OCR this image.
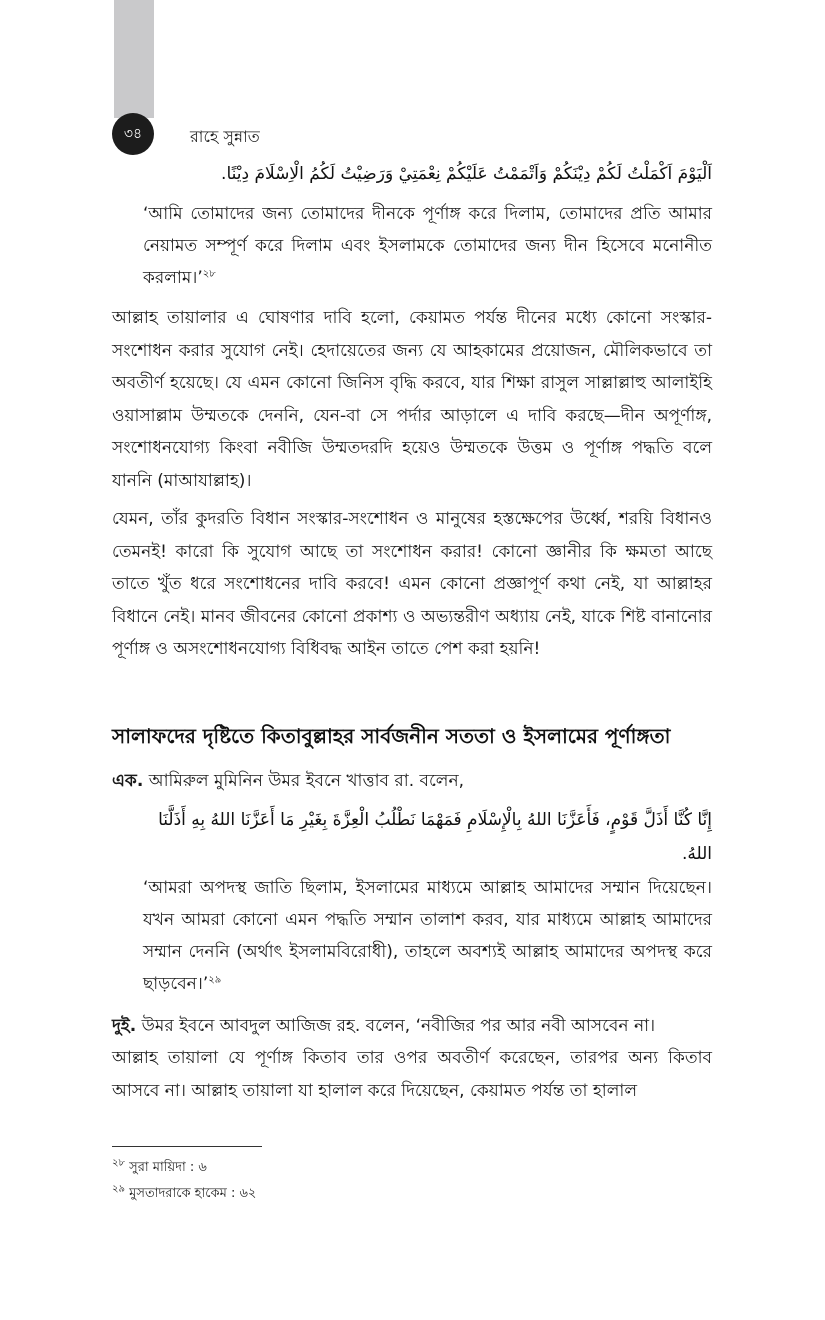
৩৪	রাহে সুন্নাত
اَلْيَوْمَ اَكْمَلْتُ لَكُمْ دِيْنَكُمْ وَاَتْمَمْتُ عَلَيْكُمْ نِعْمَتِيْ وَرَضِيْتُ لَكُمُ الْاِسْلَامَ دِيْنًا.
‘আমি তোমাদের জন্য তোমাদের দীনকে পূর্ণাঙ্গ করে দিলাম, তোমাদের প্রতি আমার নেয়ামত সম্পূর্ণ করে দিলাম এবং ইসলামকে তোমাদের জন্য দীন হিসেবে মনোনীত করলাম।’$^{২৮}$
আল্লাহ তায়ালার এ ঘোষণার দাবি হলো, কেয়ামত পর্যন্ত দীনের মধ্যে কোনো সংস্কার-সংশোধন করার সুযোগ নেই। হেদায়েতের জন্য যে আহকামের প্রয়োজন, মৌলিকভাবে তা অবতীর্ণ হয়েছে। যে এমন কোনো জিনিস বৃদ্ধি করবে, যার শিক্ষা রাসুল সাল্লাল্লাহু আলাইহি ওয়াসাল্লাম উম্মতকে দেননি, যেন-বা সে পর্দার আড়ালে এ দাবি করছে—দীন অপূর্ণাঙ্গ, সংশোধনযোগ্য কিংবা নবীজি উম্মতদরদি হয়েও উম্মতকে উত্তম ও পূর্ণাঙ্গ পদ্ধতি বলে যাননি (মাআযাল্লাহ)।
যেমন, তাঁর কুদরতি বিধান সংস্কার-সংশোধন ও মানুষের হস্তক্ষেপের উর্ধ্বে, শরয়ি বিধানও তেমনই! কারো কি সুযোগ আছে তা সংশোধন করার! কোনো জ্ঞানীর কি ক্ষমতা আছে তাতে খুঁত ধরে সংশোধনের দাবি করবে! এমন কোনো প্রজ্ঞাপূর্ণ কথা নেই, যা আল্লাহর বিধানে নেই। মানব জীবনের কোনো প্রকাশ্য ও অভ্যন্তরীণ অধ্যায় নেই, যাকে শিষ্ট বানানোর পূর্ণাঙ্গ ও অসংশোধনযোগ্য বিধিবদ্ধ আইন তাতে পেশ করা হয়নি!
সালাফদের দৃষ্টিতে কিতাবুল্লাহর সার্বজনীন সততা ও ইসলামের পূর্ণাঙ্গতা
এক. আমিরুল মুমিনিন উমর ইবনে খাত্তাব রা. বলেন,
إِنَّا كُنَّا أَذَلَّ قَوْمٍ، فَأَعَزَّنَا اللهُ بِالْإِسْلَامِ فَمَهْمَا نَطْلُبُ الْعِزَّةَ بِغَيْرِ مَا أَعَزَّنَا اللهُ بِهِ أَذَلَّنَا اللهُ.
‘আমরা অপদস্থ জাতি ছিলাম, ইসলামের মাধ্যমে আল্লাহ আমাদের সম্মান দিয়েছেন। যখন আমরা কোনো এমন পদ্ধতি সম্মান তালাশ করব, যার মাধ্যমে আল্লাহ আমাদের সম্মান দেননি (অর্থাৎ ইসলামবিরোধী), তাহলে অবশ্যই আল্লাহ আমাদের অপদস্থ করে ছাড়বেন।’$^{২৯}$
দুই. উমর ইবনে আবদুল আজিজ রহ. বলেন, ‘নবীজির পর আর নবী আসবেন না।
আল্লাহ তায়ালা যে পূর্ণাঙ্গ কিতাব তার ওপর অবতীর্ণ করেছেন, তারপর অন্য কিতাব আসবে না। আল্লাহ তায়ালা যা হালাল করে দিয়েছেন, কেয়ামত পর্যন্ত তা হালাল
$^{২৮}$ সুরা মায়িদা : ৬
$^{২৯}$ মুসতাদরাকে হাকেম : ৬২
